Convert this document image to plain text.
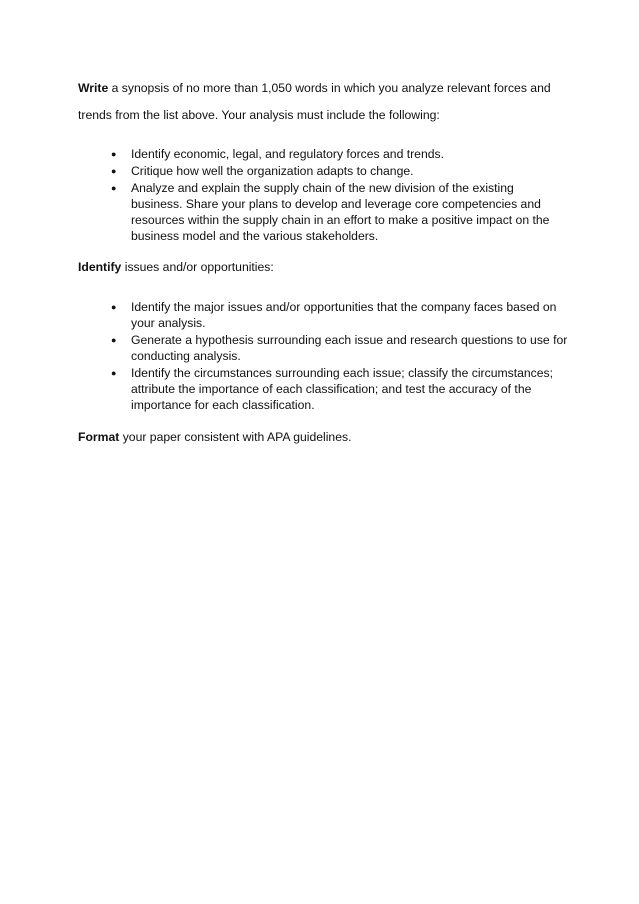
Write a synopsis of no more than 1,050 words in which you analyze relevant forces and

trends from the list above. Your analysis must include the following:

● Identify economic, legal, and regulatory forces and trends.
● Critique how well the organization adapts to change.
● Analyze and explain the supply chain of the new division of the existing business. Share your plans to develop and leverage core competencies and resources within the supply chain in an effort to make a positive impact on the business model and the various stakeholders.

Identify issues and/or opportunities:

● Identify the major issues and/or opportunities that the company faces based on your analysis.
● Generate a hypothesis surrounding each issue and research questions to use for conducting analysis.
● Identify the circumstances surrounding each issue; classify the circumstances; attribute the importance of each classification; and test the accuracy of the importance for each classification.

Format your paper consistent with APA guidelines.
